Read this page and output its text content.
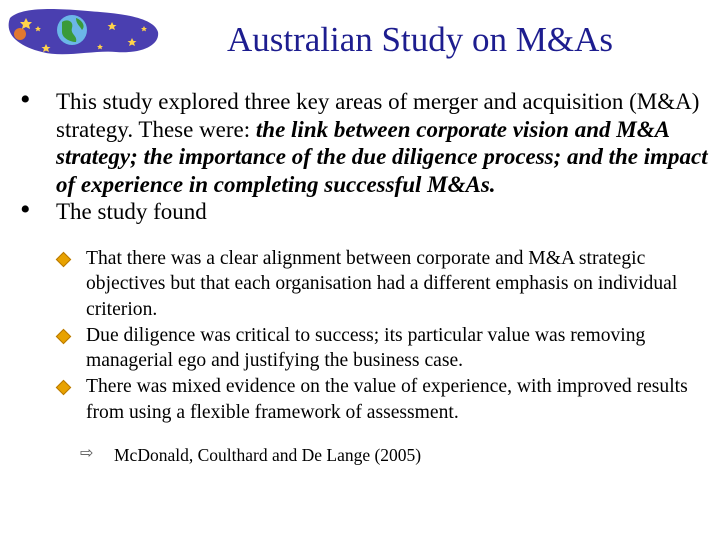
Australian Study on M&As
• This study explored three key areas of merger and acquisition (M&A) strategy. These were: the link between corporate vision and M&A strategy; the importance of the due diligence process; and the impact of experience in completing successful M&As.
• The study found
That there was a clear alignment between corporate and M&A strategic objectives but that each organisation had a different emphasis on individual criterion.
Due diligence was critical to success; its particular value was removing managerial ego and justifying the business case.
There was mixed evidence on the value of experience, with improved results from using a flexible framework of assessment.
⇨ McDonald, Coulthard and De Lange (2005)
